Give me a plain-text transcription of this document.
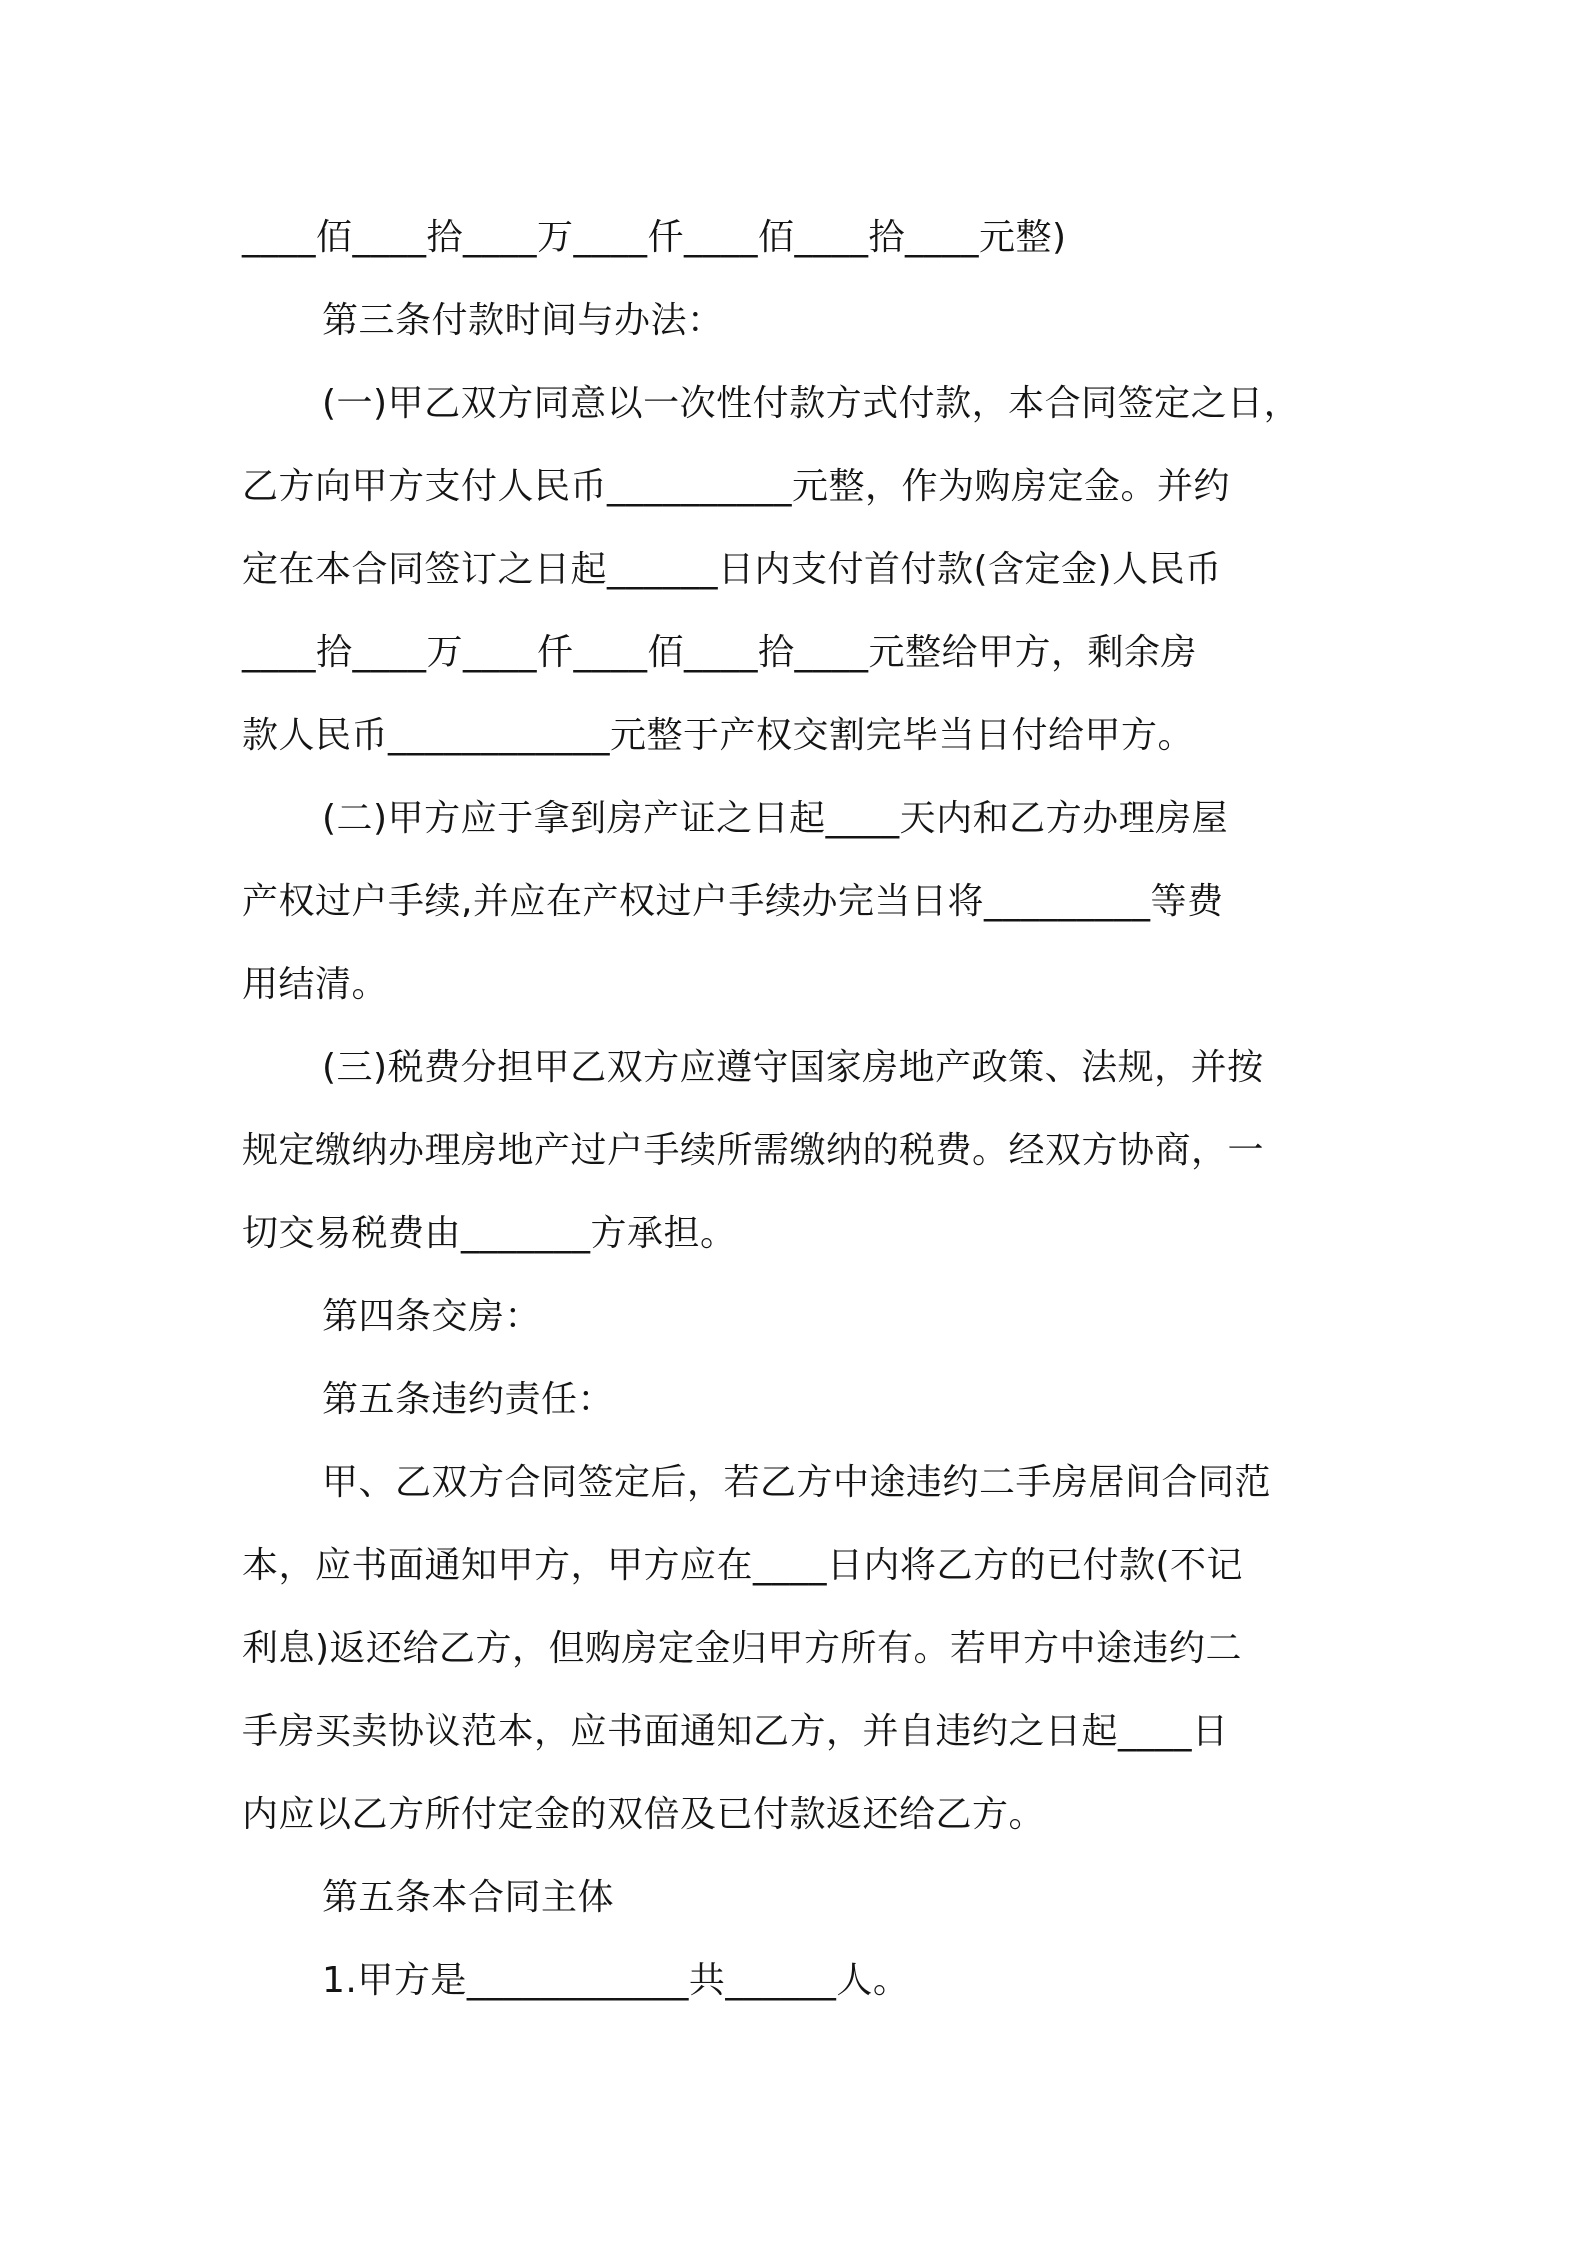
____佰____拾____万____仟____佰____拾____元整)
第三条付款时间与办法：
(一)甲乙双方同意以一次性付款方式付款，本合同签定之日，
乙方向甲方支付人民币__________元整，作为购房定金。并约
定在本合同签订之日起______日内支付首付款(含定金)人民币
____拾____万____仟____佰____拾____元整给甲方，剩余房
款人民币____________元整于产权交割完毕当日付给甲方。
(二)甲方应于拿到房产证之日起____天内和乙方办理房屋
产权过户手续,并应在产权过户手续办完当日将_________等费
用结清。
(三)税费分担甲乙双方应遵守国家房地产政策、法规，并按
规定缴纳办理房地产过户手续所需缴纳的税费。经双方协商，一
切交易税费由_______方承担。
第四条交房：
第五条违约责任：
甲、乙双方合同签定后，若乙方中途违约二手房居间合同范
本，应书面通知甲方，甲方应在____日内将乙方的已付款(不记
利息)返还给乙方，但购房定金归甲方所有。若甲方中途违约二
手房买卖协议范本，应书面通知乙方，并自违约之日起____日
内应以乙方所付定金的双倍及已付款返还给乙方。
第五条本合同主体
1.甲方是____________共______人。
